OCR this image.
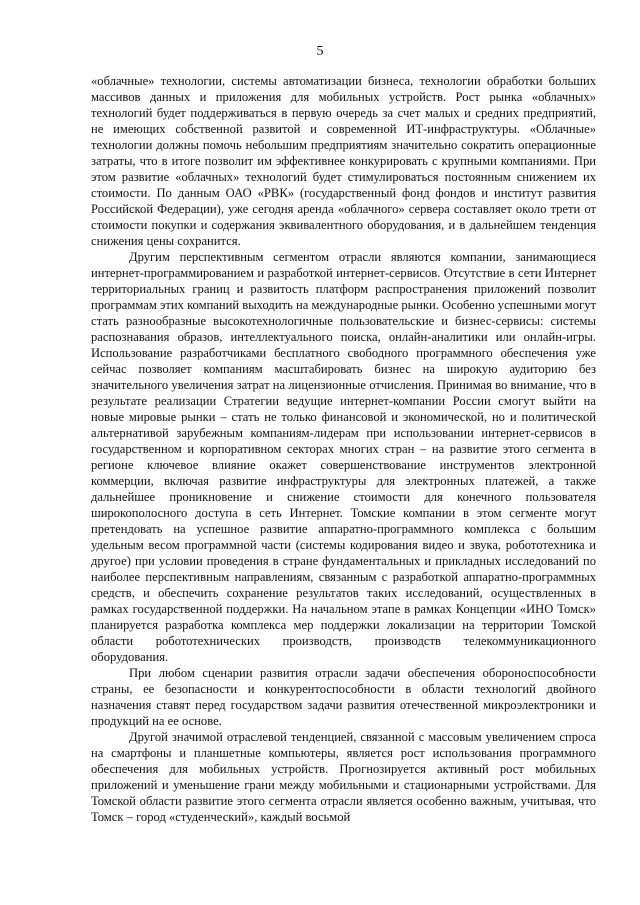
5

«облачные» технологии, системы автоматизации бизнеса, технологии обработки больших массивов данных и приложения для мобильных устройств. Рост рынка «облачных» технологий будет поддерживаться в первую очередь за счет малых и средних предприятий, не имеющих собственной развитой и современной ИТ-инфраструктуры. «Облачные» технологии должны помочь небольшим предприятиям значительно сократить операционные затраты, что в итоге позволит им эффективнее конкурировать с крупными компаниями. При этом развитие «облачных» технологий будет стимулироваться постоянным снижением их стоимости. По данным ОАО «РВК» (государственный фонд фондов и институт развития Российской Федерации), уже сегодня аренда «облачного» сервера составляет около трети от стоимости покупки и содержания эквивалентного оборудования, и в дальнейшем тенденция снижения цены сохранится.

Другим перспективным сегментом отрасли являются компании, занимающиеся интернет-программированием и разработкой интернет-сервисов. Отсутствие в сети Интернет территориальных границ и развитость платформ распространения приложений позволит программам этих компаний выходить на международные рынки. Особенно успешными могут стать разнообразные высокотехнологичные пользовательские и бизнес-сервисы: системы распознавания образов, интеллектуального поиска, онлайн-аналитики или онлайн-игры. Использование разработчиками бесплатного свободного программного обеспечения уже сейчас позволяет компаниям масштабировать бизнес на широкую аудиторию без значительного увеличения затрат на лицензионные отчисления. Принимая во внимание, что в результате реализации Стратегии ведущие интернет-компании России смогут выйти на новые мировые рынки – стать не только финансовой и экономической, но и политической альтернативой зарубежным компаниям-лидерам при использовании интернет-сервисов в государственном и корпоративном секторах многих стран – на развитие этого сегмента в регионе ключевое влияние окажет совершенствование инструментов электронной коммерции, включая развитие инфраструктуры для электронных платежей, а также дальнейшее проникновение и снижение стоимости для конечного пользователя широкополосного доступа в сеть Интернет. Томские компании в этом сегменте могут претендовать на успешное развитие аппаратно-программного комплекса с большим удельным весом программной части (системы кодирования видео и звука, робототехника и другое) при условии проведения в стране фундаментальных и прикладных исследований по наиболее перспективным направлениям, связанным с разработкой аппаратно-программных средств, и обеспечить сохранение результатов таких исследований, осуществленных в рамках государственной поддержки. На начальном этапе в рамках Концепции «ИНО Томск» планируется разработка комплекса мер поддержки локализации на территории Томской области робототехнических производств, производств телекоммуникационного оборудования.

При любом сценарии развития отрасли задачи обеспечения обороноспособности страны, ее безопасности и конкурентоспособности в области технологий двойного назначения ставят перед государством задачи развития отечественной микроэлектроники и продукций на ее основе.

Другой значимой отраслевой тенденцией, связанной с массовым увеличением спроса на смартфоны и планшетные компьютеры, является рост использования программного обеспечения для мобильных устройств. Прогнозируется активный рост мобильных приложений и уменьшение грани между мобильными и стационарными устройствами. Для Томской области развитие этого сегмента отрасли является особенно важным, учитывая, что Томск – город «студенческий», каждый восьмой
